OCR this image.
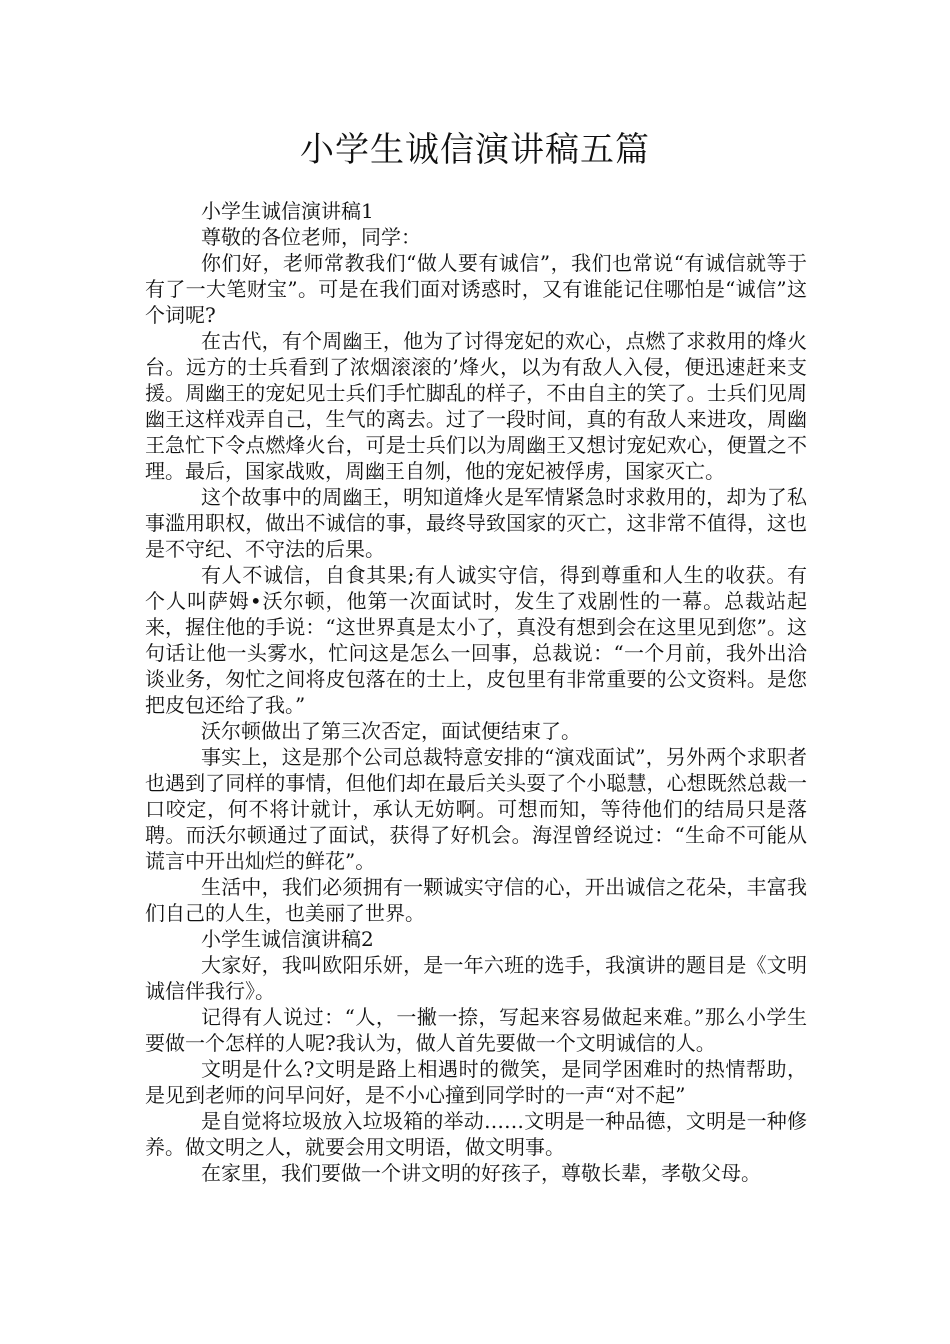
小学生诚信演讲稿五篇

小学生诚信演讲稿1

尊敬的各位老师，同学：

你们好，老师常教我们“做人要有诚信”，我们也常说“有诚信就等于有了一大笔财宝”。可是在我们面对诱惑时，又有谁能记住哪怕是“诚信”这个词呢?

在古代，有个周幽王，他为了讨得宠妃的欢心，点燃了求救用的烽火台。远方的士兵看到了浓烟滚滚的’烽火，以为有敌人入侵，便迅速赶来支援。周幽王的宠妃见士兵们手忙脚乱的样子，不由自主的笑了。士兵们见周幽王这样戏弄自己，生气的离去。过了一段时间，真的有敌人来进攻，周幽王急忙下令点燃烽火台，可是士兵们以为周幽王又想讨宠妃欢心，便置之不理。最后，国家战败，周幽王自刎，他的宠妃被俘虏，国家灭亡。

这个故事中的周幽王，明知道烽火是军情紧急时求救用的，却为了私事滥用职权，做出不诚信的事，最终导致国家的灭亡，这非常不值得，这也是不守纪、不守法的后果。

有人不诚信，自食其果;有人诚实守信，得到尊重和人生的收获。有个人叫萨姆•沃尔顿，他第一次面试时，发生了戏剧性的一幕。总裁站起来，握住他的手说：“这世界真是太小了，真没有想到会在这里见到您”。这句话让他一头雾水，忙问这是怎么一回事，总裁说：“一个月前，我外出洽谈业务，匆忙之间将皮包落在的士上，皮包里有非常重要的公文资料。是您把皮包还给了我。”

沃尔顿做出了第三次否定，面试便结束了。

事实上，这是那个公司总裁特意安排的“演戏面试”，另外两个求职者也遇到了同样的事情，但他们却在最后关头耍了个小聪慧，心想既然总裁一口咬定，何不将计就计，承认无妨啊。可想而知，等待他们的结局只是落聘。而沃尔顿通过了面试，获得了好机会。海涅曾经说过：“生命不可能从谎言中开出灿烂的鲜花”。

生活中，我们必须拥有一颗诚实守信的心，开出诚信之花朵，丰富我们自己的人生，也美丽了世界。

小学生诚信演讲稿2

大家好，我叫欧阳乐妍，是一年六班的选手，我演讲的题目是《文明诚信伴我行》。

记得有人说过：“人，一撇一捺，写起来容易做起来难。”那么小学生要做一个怎样的人呢?我认为，做人首先要做一个文明诚信的人。

文明是什么?文明是路上相遇时的微笑，是同学困难时的热情帮助，是见到老师的问早问好，是不小心撞到同学时的一声“对不起”

是自觉将垃圾放入垃圾箱的举动……文明是一种品德，文明是一种修养。做文明之人，就要会用文明语，做文明事。

在家里，我们要做一个讲文明的好孩子，尊敬长辈，孝敬父母。
